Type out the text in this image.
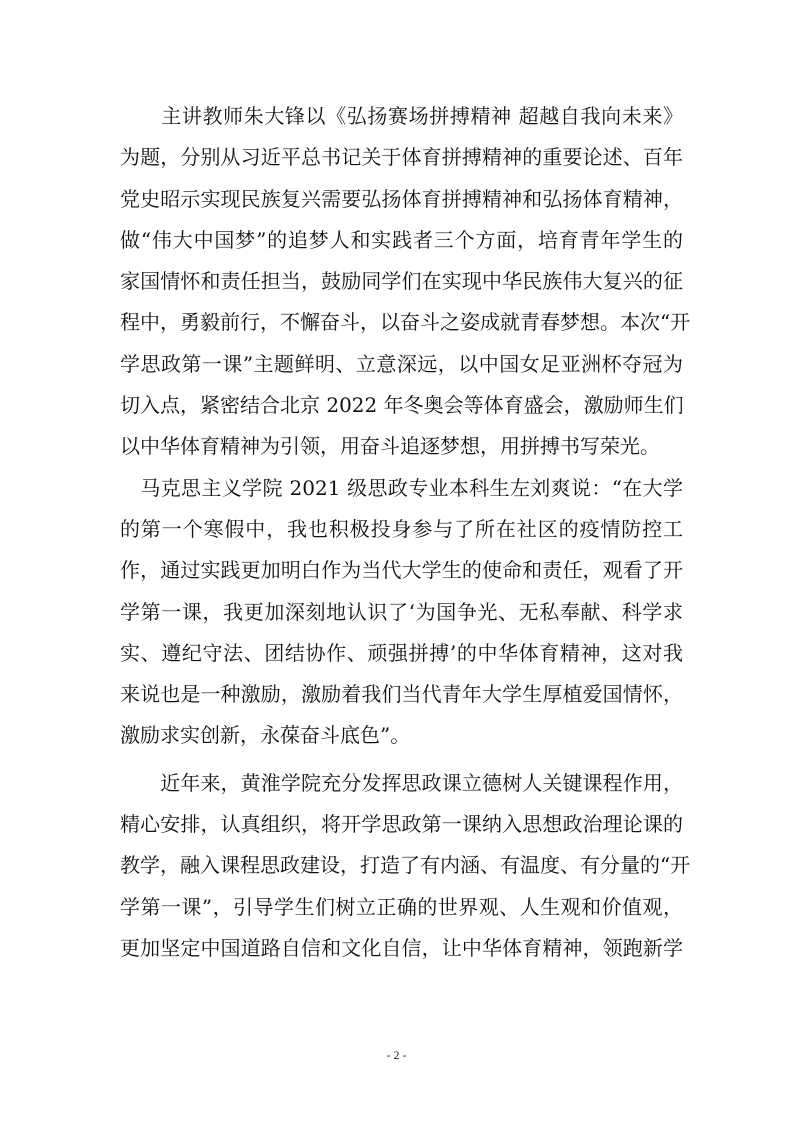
　　主讲教师朱大锋以《弘扬赛场拼搏精神 超越自我向未来》
为题，分别从习近平总书记关于体育拼搏精神的重要论述、百年
党史昭示实现民族复兴需要弘扬体育拼搏精神和弘扬体育精神，
做“伟大中国梦”的追梦人和实践者三个方面，培育青年学生的
家国情怀和责任担当，鼓励同学们在实现中华民族伟大复兴的征
程中，勇毅前行，不懈奋斗，以奋斗之姿成就青春梦想。本次“开
学思政第一课”主题鲜明、立意深远，以中国女足亚洲杯夺冠为
切入点，紧密结合北京 2022 年冬奥会等体育盛会，激励师生们
以中华体育精神为引领，用奋斗追逐梦想，用拼搏书写荣光。
　马克思主义学院 2021 级思政专业本科生左刘爽说：“在大学
的第一个寒假中，我也积极投身参与了所在社区的疫情防控工
作，通过实践更加明白作为当代大学生的使命和责任，观看了开
学第一课，我更加深刻地认识了‘为国争光、无私奉献、科学求
实、遵纪守法、团结协作、顽强拼搏’的中华体育精神，这对我
来说也是一种激励，激励着我们当代青年大学生厚植爱国情怀，
激励求实创新，永葆奋斗底色”。
　　近年来，黄淮学院充分发挥思政课立德树人关键课程作用，
精心安排，认真组织，将开学思政第一课纳入思想政治理论课的
教学，融入课程思政建设，打造了有内涵、有温度、有分量的“开
学第一课”，引导学生们树立正确的世界观、人生观和价值观，
更加坚定中国道路自信和文化自信，让中华体育精神，领跑新学
- 2 -
